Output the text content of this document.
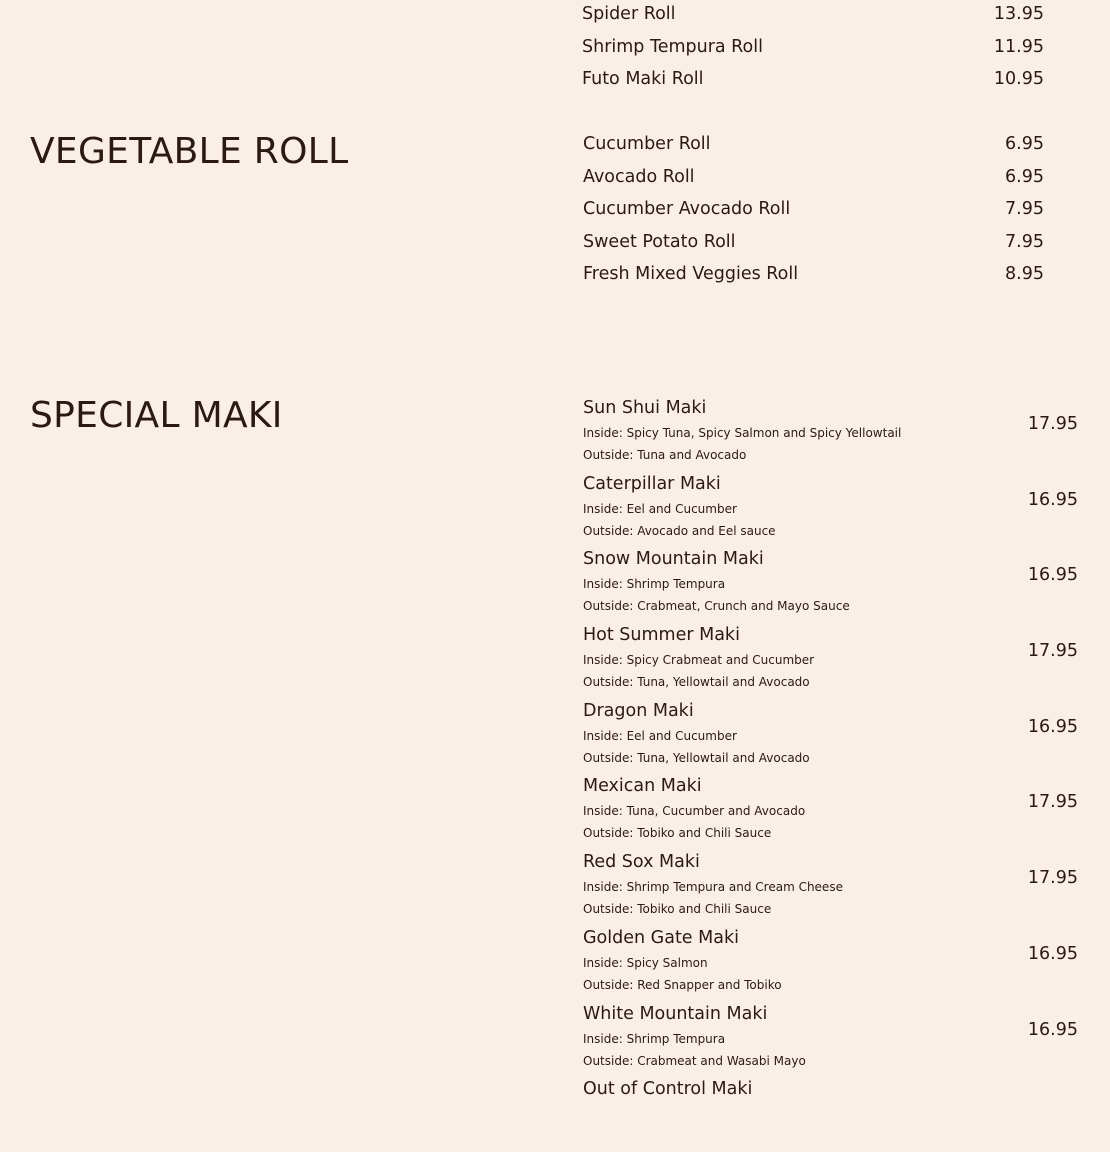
Spider Roll	13.95
Shrimp Tempura Roll	11.95
Futo Maki Roll	10.95
VEGETABLE ROLL	Cucumber Roll	6.95
Avocado Roll	6.95
Cucumber Avocado Roll	7.95
Sweet Potato Roll	7.95
Fresh Mixed Veggies Roll	8.95
SPECIAL MAKI	Sun Shui Maki
Inside: Spicy Tuna, Spicy Salmon and Spicy Yellowtail
Outside: Tuna and Avocado
17.95
Caterpillar Maki
Inside: Eel and Cucumber
Outside: Avocado and Eel sauce
16.95
Snow Mountain Maki
Inside: Shrimp Tempura
Outside: Crabmeat, Crunch and Mayo Sauce
16.95
Hot Summer Maki
Inside: Spicy Crabmeat and Cucumber
Outside: Tuna, Yellowtail and Avocado
17.95
Dragon Maki
Inside: Eel and Cucumber
Outside: Tuna, Yellowtail and Avocado
16.95
Mexican Maki
Inside: Tuna, Cucumber and Avocado
Outside: Tobiko and Chili Sauce
17.95
Red Sox Maki
Inside: Shrimp Tempura and Cream Cheese
Outside: Tobiko and Chili Sauce
17.95
Golden Gate Maki
Inside: Spicy Salmon
Outside: Red Snapper and Tobiko
16.95
White Mountain Maki
Inside: Shrimp Tempura
Outside: Crabmeat and Wasabi Mayo
16.95
Out of Control Maki
